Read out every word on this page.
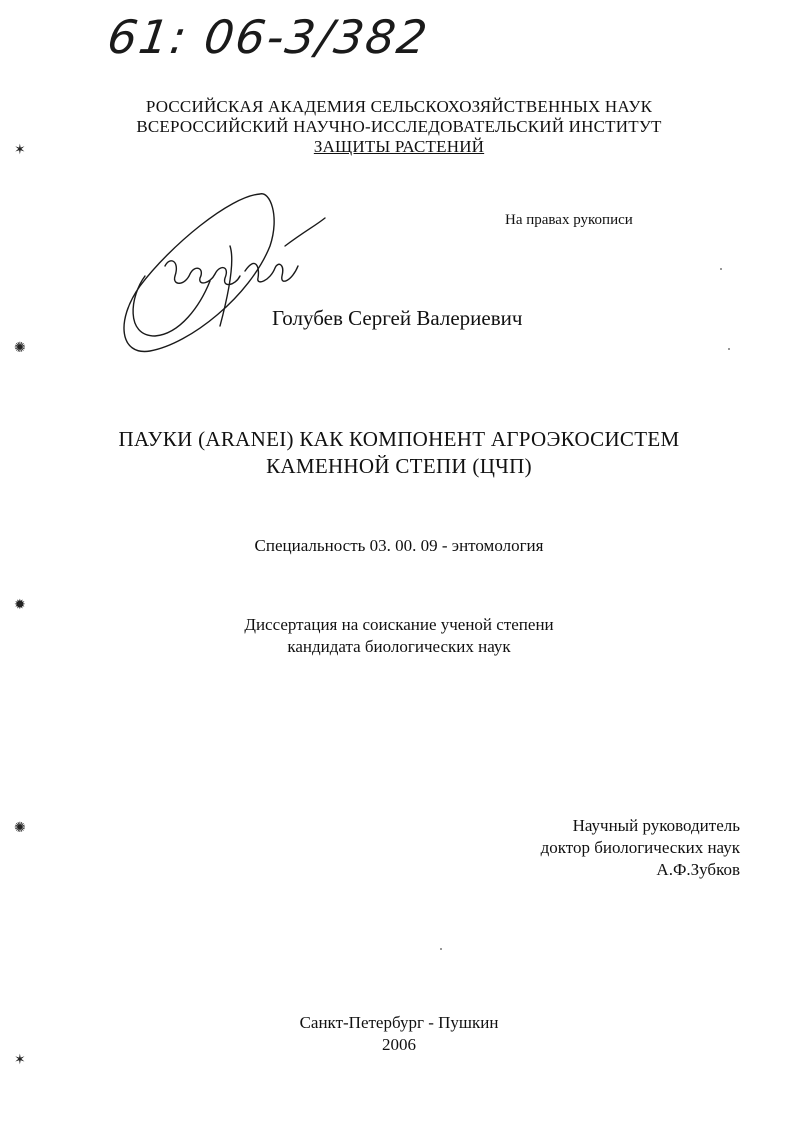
61: 06-3/382
РОССИЙСКАЯ АКАДЕМИЯ СЕЛЬСКОХОЗЯЙСТВЕННЫХ НАУК
ВСЕРОССИЙСКИЙ НАУЧНО-ИССЛЕДОВАТЕЛЬСКИЙ ИНСТИТУТ
ЗАЩИТЫ РАСТЕНИЙ
На правах рукописи
Голубев Сергей Валериевич
ПАУКИ (ARANEI) КАК КОМПОНЕНТ АГРОЭКОСИСТЕМ
КАМЕННОЙ СТЕПИ (ЦЧП)
Специальность 03. 00. 09 - энтомология
Диссертация на соискание ученой степени
кандидата биологических наук
Научный руководитель
доктор биологических наук
А.Ф.Зубков
Санкт-Петербург - Пушкин
2006
✶
✺
✹
✺
✶
